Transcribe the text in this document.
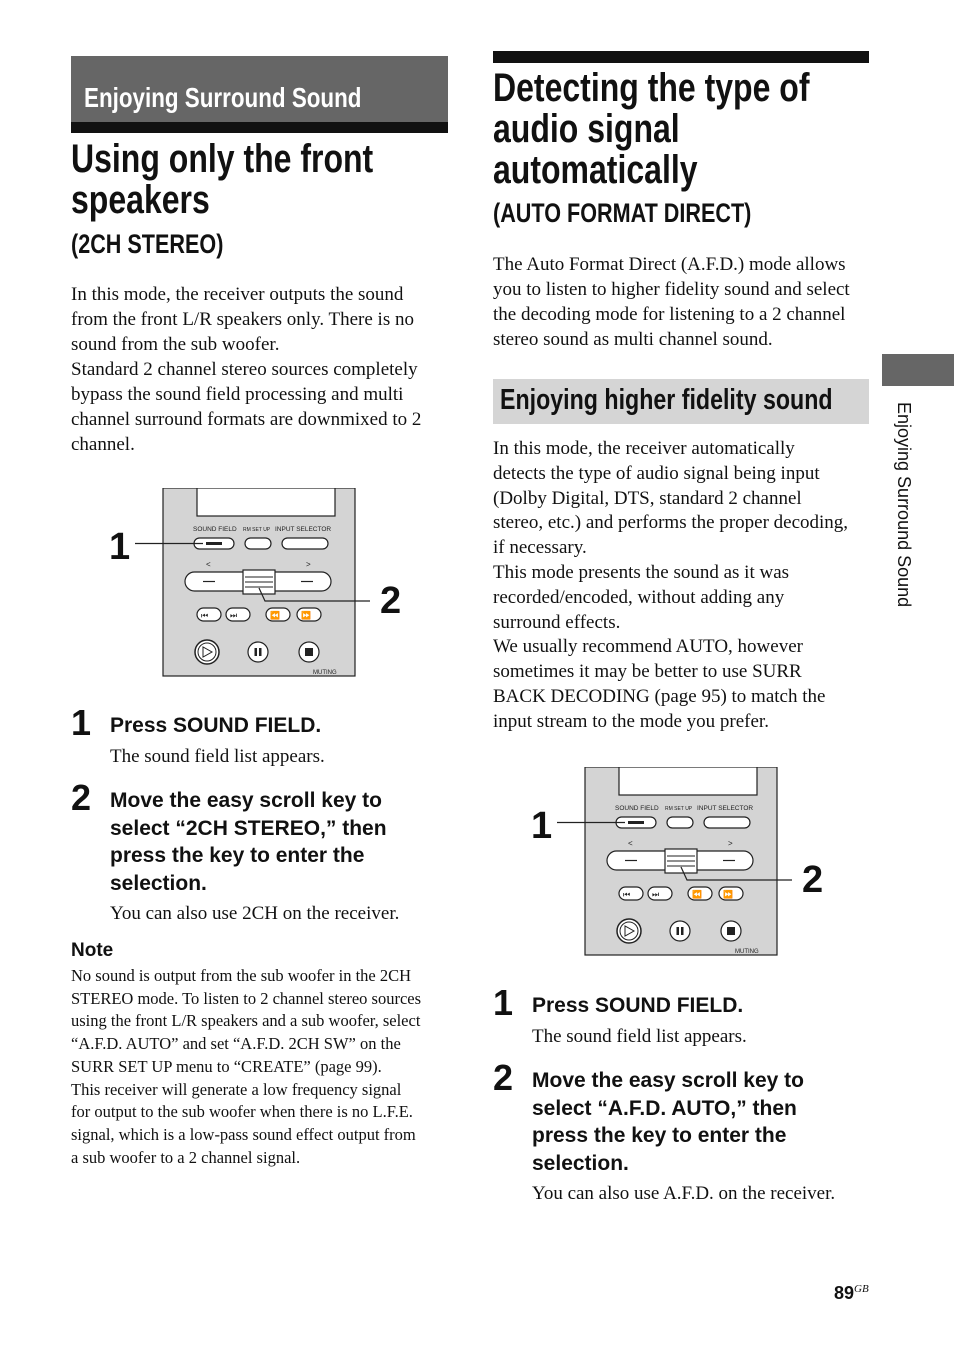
Enjoying Surround Sound
Using only the front
speakers
(2CH STEREO)
In this mode, the receiver outputs the sound
from the front L/R speakers only. There is no
sound from the sub woofer.
Standard 2 channel stereo sources completely
bypass the sound field processing and multi
channel surround formats are downmixed to 2
channel.
SOUND FIELD RM SET UP INPUT SELECTOR
<	>
⏮	⏭	⏪	⏩
MUTING
1
2
1 Press SOUND FIELD.
The sound field list appears.
2 Move the easy scroll key to
select “2CH STEREO,” then
press the key to enter the
selection.
You can also use 2CH on the receiver.
Note
No sound is output from the sub woofer in the 2CH
STEREO mode. To listen to 2 channel stereo sources
using the front L/R speakers and a sub woofer, select
“A.F.D. AUTO” and set “A.F.D. 2CH SW” on the
SURR SET UP menu to “CREATE” (page 99).
This receiver will generate a low frequency signal
for output to the sub woofer when there is no L.F.E.
signal, which is a low-pass sound effect output from
a sub woofer to a 2 channel signal.
Detecting the type of
audio signal
automatically
(AUTO FORMAT DIRECT)
The Auto Format Direct (A.F.D.) mode allows
you to listen to higher fidelity sound and select
the decoding mode for listening to a 2 channel
stereo sound as multi channel sound.
Enjoying higher fidelity sound
In this mode, the receiver automatically
detects the type of audio signal being input
(Dolby Digital, DTS, standard 2 channel
stereo, etc.) and performs the proper decoding,
if necessary.
This mode presents the sound as it was
recorded/encoded, without adding any
surround effects.
We usually recommend AUTO, however
sometimes it may be better to use SURR
BACK DECODING (page 95) to match the
input stream to the mode you prefer.
SOUND FIELD RM SET UP INPUT SELECTOR
<	>
⏮	⏭	⏪	⏩
MUTING
1
2
1 Press SOUND FIELD.
The sound field list appears.
2 Move the easy scroll key to
select “A.F.D. AUTO,” then
press the key to enter the
selection.
You can also use A.F.D. on the receiver.
Enjoying Surround Sound
$89^{GB}$
